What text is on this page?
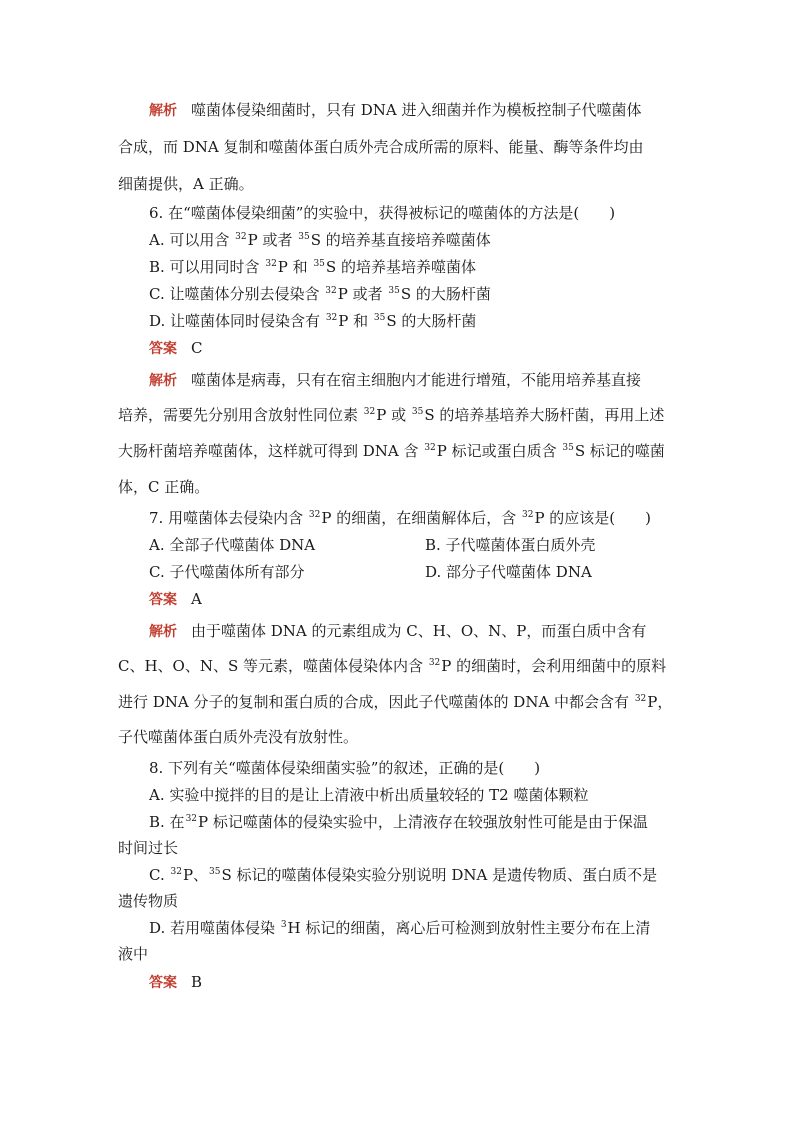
解析 噬菌体侵染细菌时，只有 DNA 进入细菌并作为模板控制子代噬菌体
合成，而 DNA 复制和噬菌体蛋白质外壳合成所需的原料、能量、酶等条件均由
细菌提供，A 正确。
6. 在“噬菌体侵染细菌”的实验中，获得被标记的噬菌体的方法是( )
A. 可以用含 $^{32}$P 或者 $^{35}$S 的培养基直接培养噬菌体
B. 可以用同时含 $^{32}$P 和 $^{35}$S 的培养基培养噬菌体
C. 让噬菌体分别去侵染含 $^{32}$P 或者 $^{35}$S 的大肠杆菌
D. 让噬菌体同时侵染含有 $^{32}$P 和 $^{35}$S 的大肠杆菌
答案 C
解析 噬菌体是病毒，只有在宿主细胞内才能进行增殖，不能用培养基直接
培养，需要先分别用含放射性同位素 $^{32}$P 或 $^{35}$S 的培养基培养大肠杆菌，再用上述
大肠杆菌培养噬菌体，这样就可得到 DNA 含 $^{32}$P 标记或蛋白质含 $^{35}$S 标记的噬菌
体，C 正确。
7. 用噬菌体去侵染内含 $^{32}$P 的细菌，在细菌解体后，含 $^{32}$P 的应该是( )
A. 全部子代噬菌体 DNA	B. 子代噬菌体蛋白质外壳
C. 子代噬菌体所有部分	D. 部分子代噬菌体 DNA
答案 A
解析 由于噬菌体 DNA 的元素组成为 C、H、O、N、P，而蛋白质中含有
C、H、O、N、S 等元素，噬菌体侵染体内含 $^{32}$P 的细菌时，会利用细菌中的原料
进行 DNA 分子的复制和蛋白质的合成，因此子代噬菌体的 DNA 中都会含有 $^{32}$P，
子代噬菌体蛋白质外壳没有放射性。
8. 下列有关“噬菌体侵染细菌实验”的叙述，正确的是( )
A. 实验中搅拌的目的是让上清液中析出质量较轻的 T2 噬菌体颗粒
B. 在$^{32}$P 标记噬菌体的侵染实验中，上清液存在较强放射性可能是由于保温
时间过长
C. $^{32}$P、$^{35}$S 标记的噬菌体侵染实验分别说明 DNA 是遗传物质、蛋白质不是
遗传物质
D. 若用噬菌体侵染 $^3$H 标记的细菌，离心后可检测到放射性主要分布在上清
液中
答案 B
